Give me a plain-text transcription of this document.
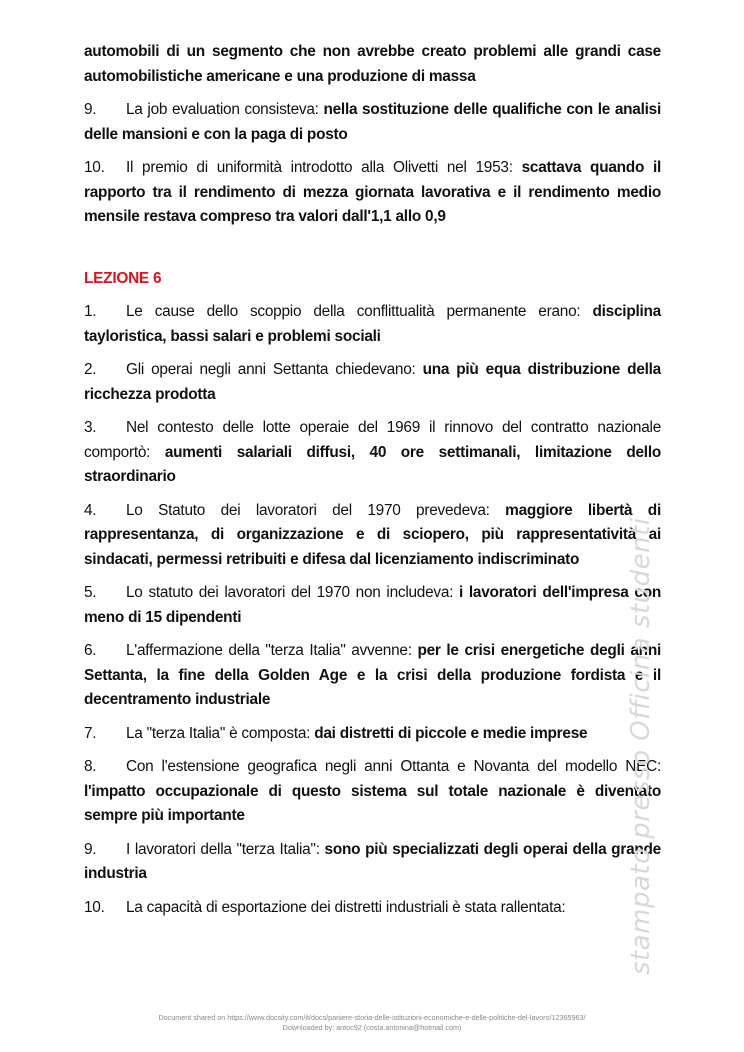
automobili di un segmento che non avrebbe creato problemi alle grandi case automobilistiche americane e una produzione di massa

9. La job evaluation consisteva: nella sostituzione delle qualifiche con le analisi delle mansioni e con la paga di posto

10. Il premio di uniformità introdotto alla Olivetti nel 1953: scattava quando il rapporto tra il rendimento di mezza giornata lavorativa e il rendimento medio mensile restava compreso tra valori dall'1,1 allo 0,9

LEZIONE 6

1. Le cause dello scoppio della conflittualità permanente erano: disciplina tayloristica, bassi salari e problemi sociali

2. Gli operai negli anni Settanta chiedevano: una più equa distribuzione della ricchezza prodotta

3. Nel contesto delle lotte operaie del 1969 il rinnovo del contratto nazionale comportò: aumenti salariali diffusi, 40 ore settimanali, limitazione dello straordinario

4. Lo Statuto dei lavoratori del 1970 prevedeva: maggiore libertà di rappresentanza, di organizzazione e di sciopero, più rappresentatività ai sindacati, permessi retribuiti e difesa dal licenziamento indiscriminato

5. Lo statuto dei lavoratori del 1970 non includeva: i lavoratori dell'impresa con meno di 15 dipendenti

6. L'affermazione della "terza Italia" avvenne: per le crisi energetiche degli anni Settanta, la fine della Golden Age e la crisi della produzione fordista e il decentramento industriale

7. La "terza Italia" è composta: dai distretti di piccole e medie imprese

8. Con l'estensione geografica negli anni Ottanta e Novanta del modello NEC: l'impatto occupazionale di questo sistema sul totale nazionale è diventato sempre più importante

9. I lavoratori della "terza Italia": sono più specializzati degli operai della grande industria

10. La capacità di esportazione dei distretti industriali è stata rallentata:	stampato presso Officina studenti
Document shared on https://www.docsity.com/it/docs/paniere-storia-delle-istituzioni-economiche-e-delle-politiche-del-lavoro/12365963/
Downloaded by: antoc92 (costa.antonina@hotmail.com)
